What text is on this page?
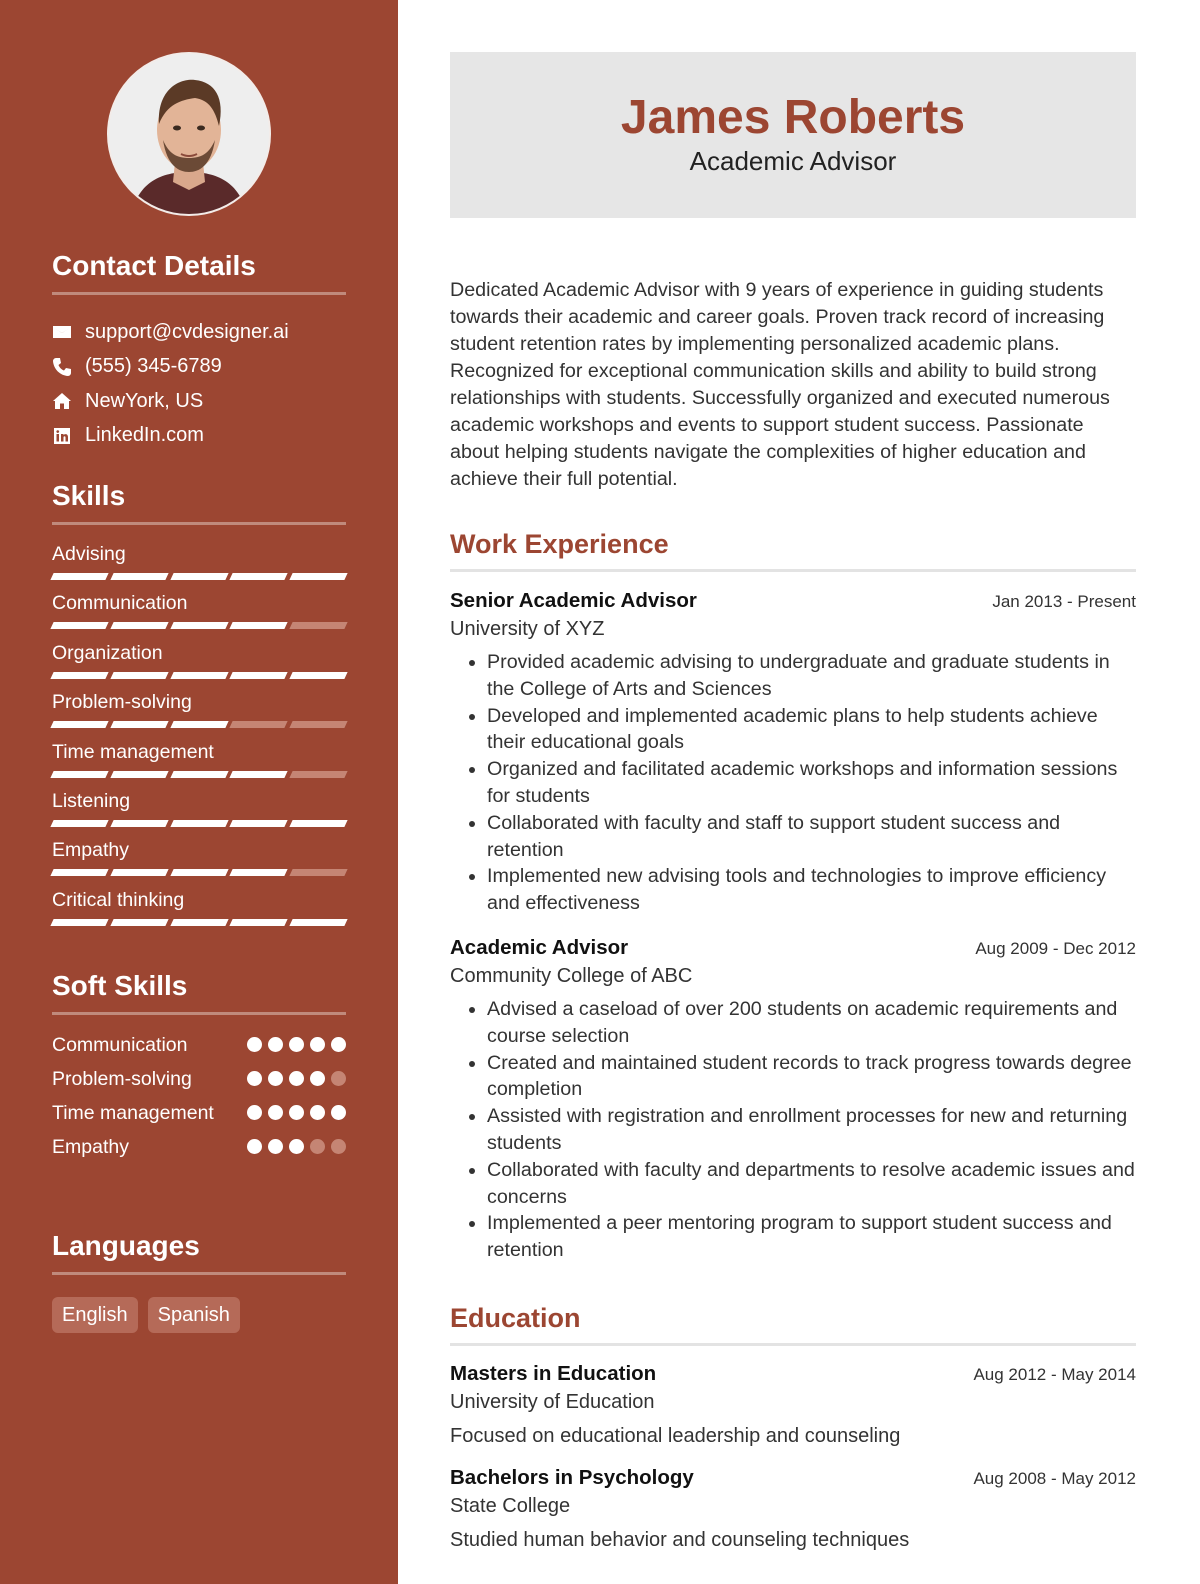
Contact Details
support@cvdesigner.ai
(555) 345-6789
NewYork, US
LinkedIn.com
Skills
Advising
Communication
Organization
Problem-solving
Time management
Listening
Empathy
Critical thinking
Soft Skills
Communication
Problem-solving
Time management
Empathy
Languages
English	Spanish
James Roberts
Academic Advisor
Dedicated Academic Advisor with 9 years of experience in guiding students towards their academic and career goals. Proven track record of increasing student retention rates by implementing personalized academic plans. Recognized for exceptional communication skills and ability to build strong relationships with students. Successfully organized and executed numerous academic workshops and events to support student success. Passionate about helping students navigate the complexities of higher education and achieve their full potential.
Work Experience
Senior Academic Advisor	Jan 2013 - Present
University of XYZ
• Provided academic advising to undergraduate and graduate students in the College of Arts and Sciences
• Developed and implemented academic plans to help students achieve their educational goals
• Organized and facilitated academic workshops and information sessions for students
• Collaborated with faculty and staff to support student success and retention
• Implemented new advising tools and technologies to improve efficiency and effectiveness
Academic Advisor	Aug 2009 - Dec 2012
Community College of ABC
• Advised a caseload of over 200 students on academic requirements and course selection
• Created and maintained student records to track progress towards degree completion
• Assisted with registration and enrollment processes for new and returning students
• Collaborated with faculty and departments to resolve academic issues and concerns
• Implemented a peer mentoring program to support student success and retention
Education
Masters in Education	Aug 2012 - May 2014
University of Education
Focused on educational leadership and counseling
Bachelors in Psychology	Aug 2008 - May 2012
State College
Studied human behavior and counseling techniques
